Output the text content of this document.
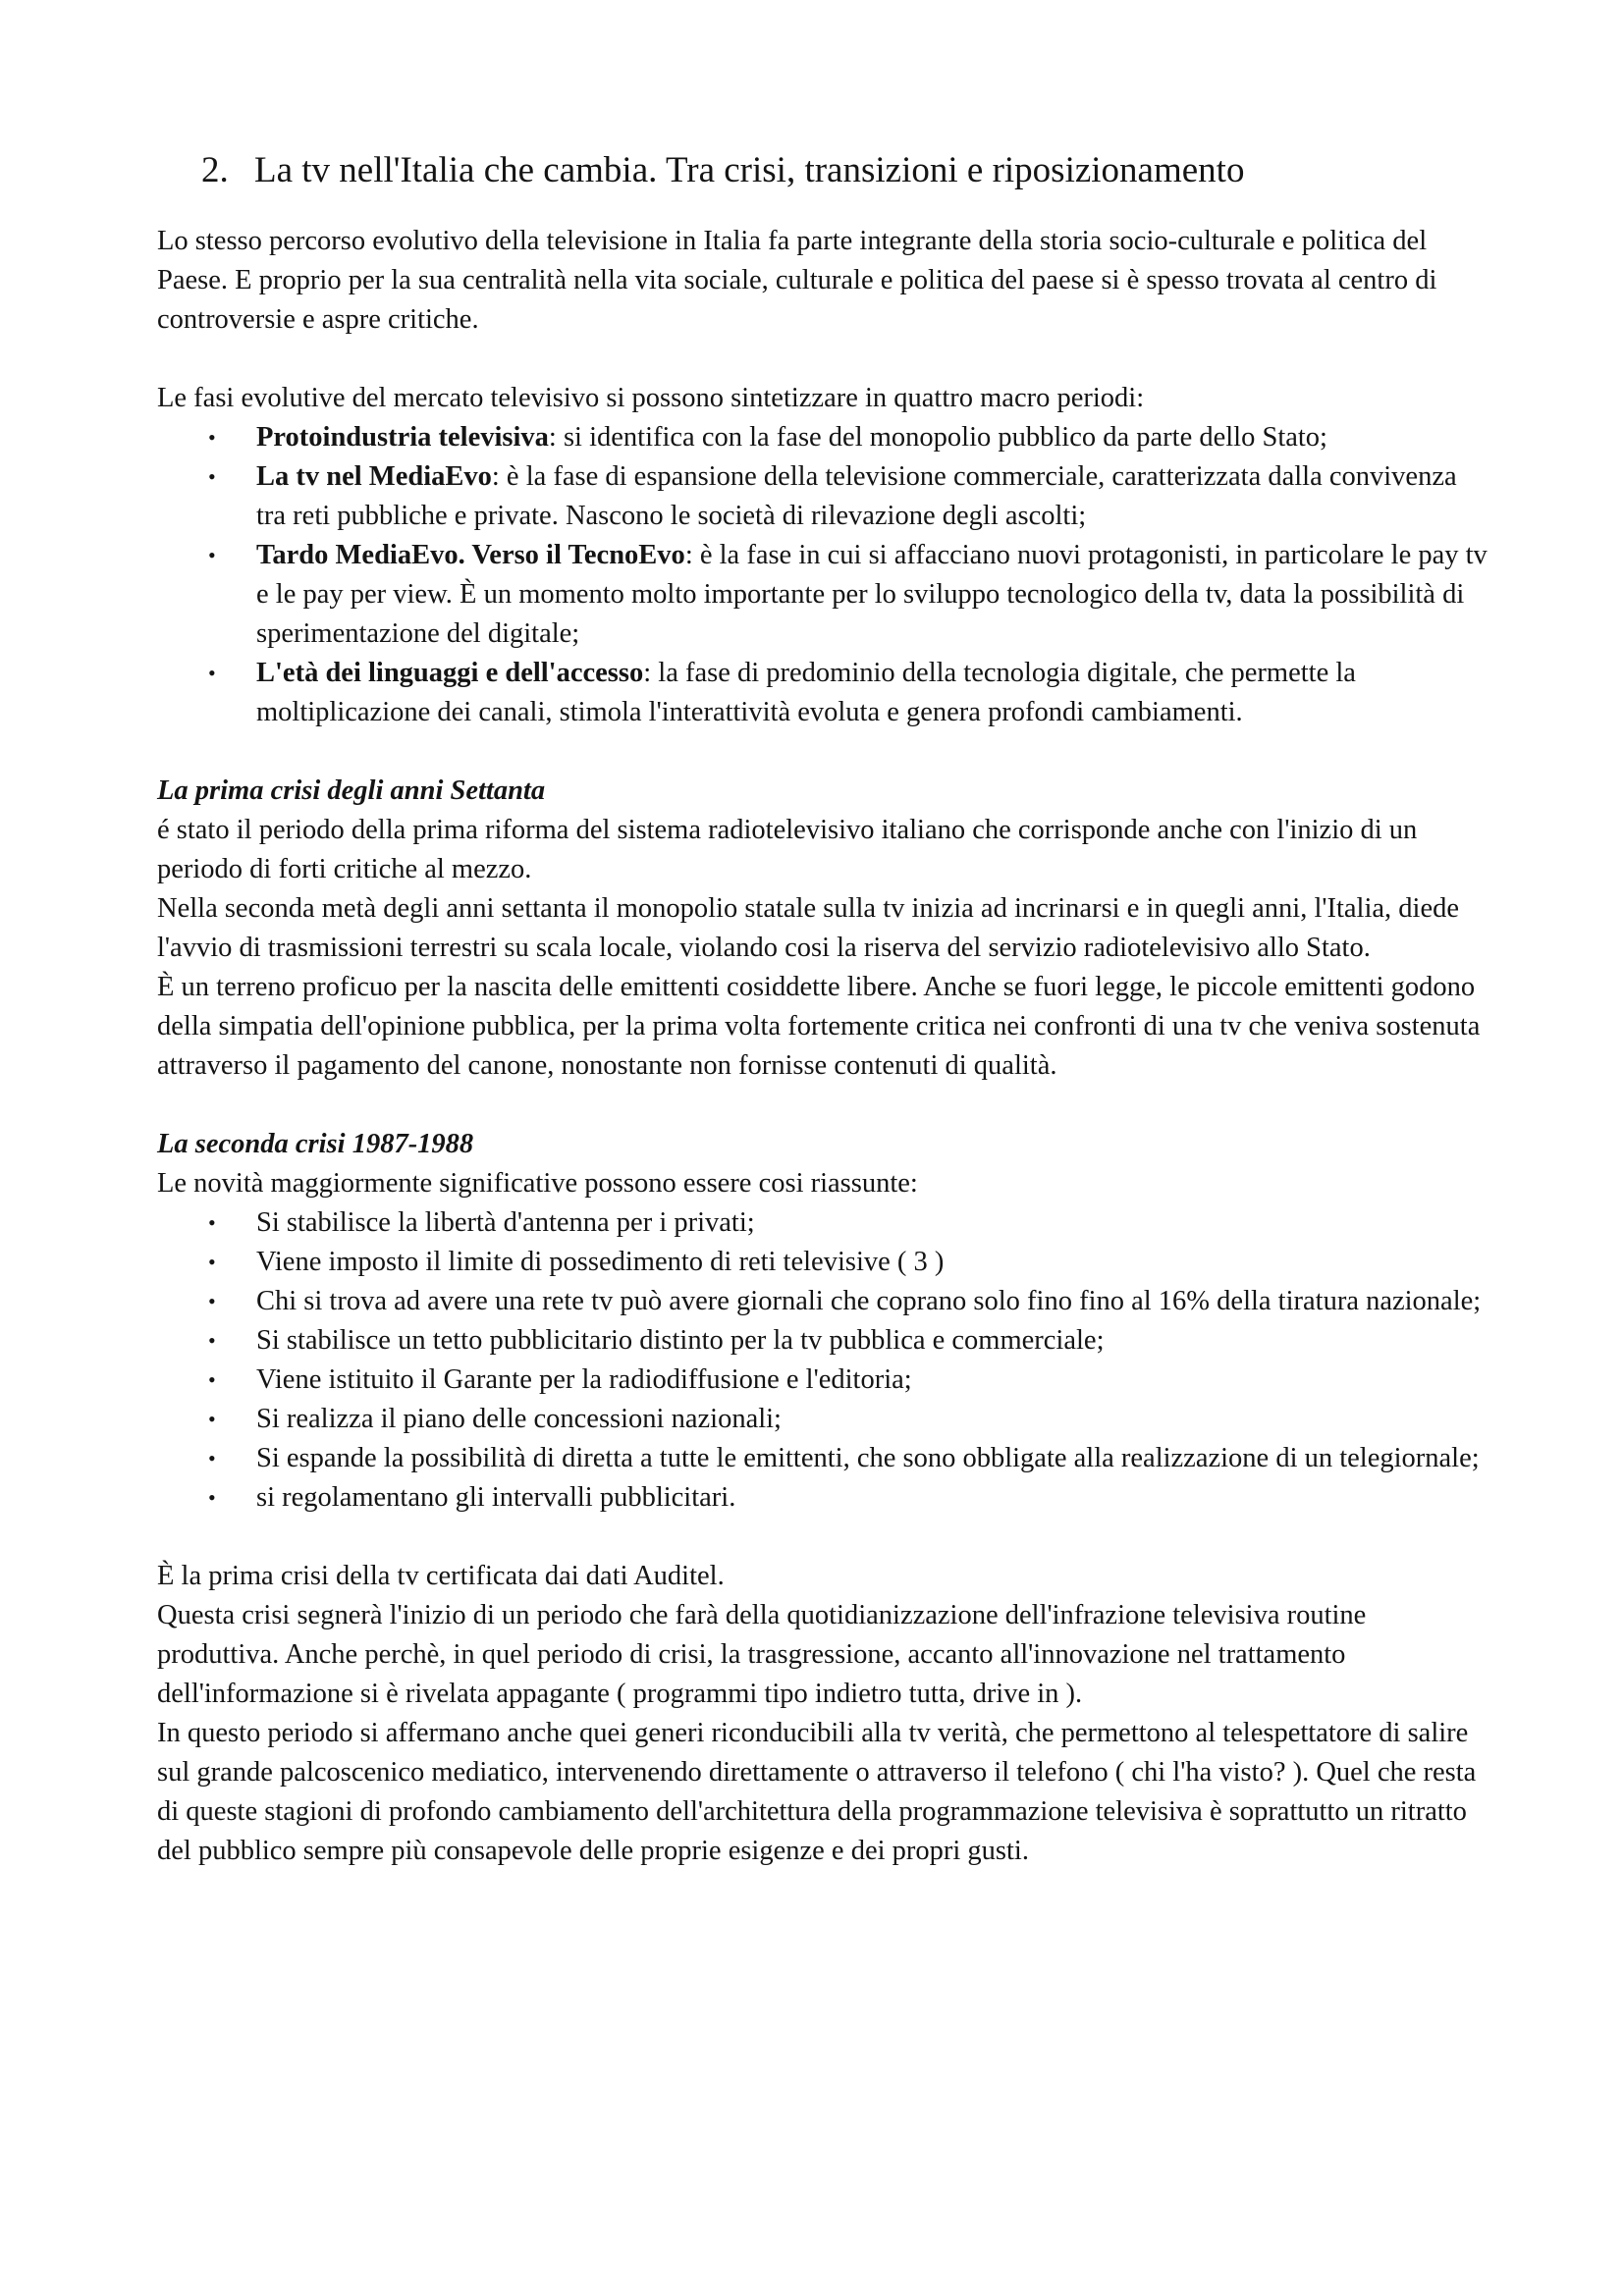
2. La tv nell'Italia che cambia. Tra crisi, transizioni e riposizionamento

Lo stesso percorso evolutivo della televisione in Italia fa parte integrante della storia socio-culturale e politica del Paese. E proprio per la sua centralità nella vita sociale, culturale e politica del paese si è spesso trovata al centro di controversie e aspre critiche.

Le fasi evolutive del mercato televisivo si possono sintetizzare in quattro macro periodi:

• Protoindustria televisiva: si identifica con la fase del monopolio pubblico da parte dello Stato;
• La tv nel MediaEvo: è la fase di espansione della televisione commerciale, caratterizzata dalla convivenza tra reti pubbliche e private. Nascono le società di rilevazione degli ascolti;
• Tardo MediaEvo. Verso il TecnoEvo: è la fase in cui si affacciano nuovi protagonisti, in particolare le pay tv e le pay per view. È un momento molto importante per lo sviluppo tecnologico della tv, data la possibilità di sperimentazione del digitale;
• L'età dei linguaggi e dell'accesso: la fase di predominio della tecnologia digitale, che permette la moltiplicazione dei canali, stimola l'interattività evoluta e genera profondi cambiamenti.

La prima crisi degli anni Settanta

é stato il periodo della prima riforma del sistema radiotelevisivo italiano che corrisponde anche con l'inizio di un periodo di forti critiche al mezzo.

Nella seconda metà degli anni settanta il monopolio statale sulla tv inizia ad incrinarsi e in quegli anni, l'Italia, diede l'avvio di trasmissioni terrestri su scala locale, violando cosi la riserva del servizio radiotelevisivo allo Stato.

È un terreno proficuo per la nascita delle emittenti cosiddette libere. Anche se fuori legge, le piccole emittenti godono della simpatia dell'opinione pubblica, per la prima volta fortemente critica nei confronti di una tv che veniva sostenuta attraverso il pagamento del canone, nonostante non fornisse contenuti di qualità.

La seconda crisi 1987-1988

Le novità maggiormente significative possono essere cosi riassunte:

• Si stabilisce la libertà d'antenna per i privati;
• Viene imposto il limite di possedimento di reti televisive ( 3 )
• Chi si trova ad avere una rete tv può avere giornali che coprano solo fino fino al 16% della tiratura nazionale;
• Si stabilisce un tetto pubblicitario distinto per la tv pubblica e commerciale;
• Viene istituito il Garante per la radiodiffusione e l'editoria;
• Si realizza il piano delle concessioni nazionali;
• Si espande la possibilità di diretta a tutte le emittenti, che sono obbligate alla realizzazione di un telegiornale;
• si regolamentano gli intervalli pubblicitari.

È la prima crisi della tv certificata dai dati Auditel.

Questa crisi segnerà l'inizio di un periodo che farà della quotidianizzazione dell'infrazione televisiva routine produttiva. Anche perchè, in quel periodo di crisi, la trasgressione, accanto all'innovazione nel trattamento dell'informazione si è rivelata appagante ( programmi tipo indietro tutta, drive in ).

In questo periodo si affermano anche quei generi riconducibili alla tv verità, che permettono al telespettatore di salire sul grande palcoscenico mediatico, intervenendo direttamente o attraverso il telefono ( chi l'ha visto? ). Quel che resta di queste stagioni di profondo cambiamento dell'architettura della programmazione televisiva è soprattutto un ritratto del pubblico sempre più consapevole delle proprie esigenze e dei propri gusti.
